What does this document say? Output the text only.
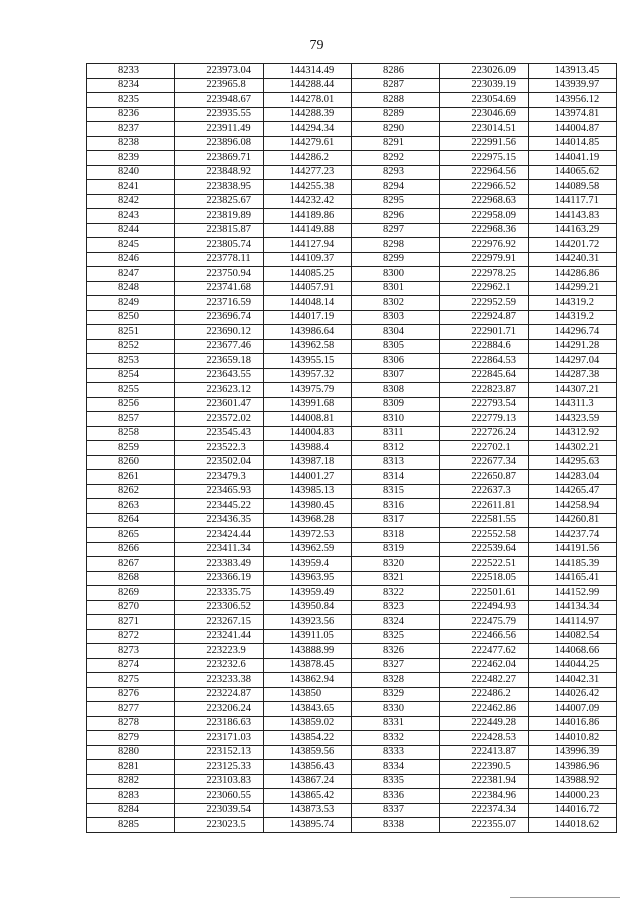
79
8233	223973.04	144314.49	8286	223026.09	143913.45
8234	223965.8	144288.44	8287	223039.19	143939.97
8235	223948.67	144278.01	8288	223054.69	143956.12
8236	223935.55	144288.39	8289	223046.69	143974.81
8237	223911.49	144294.34	8290	223014.51	144004.87
8238	223896.08	144279.61	8291	222991.56	144014.85
8239	223869.71	144286.2	8292	222975.15	144041.19
8240	223848.92	144277.23	8293	222964.56	144065.62
8241	223838.95	144255.38	8294	222966.52	144089.58
8242	223825.67	144232.42	8295	222968.63	144117.71
8243	223819.89	144189.86	8296	222958.09	144143.83
8244	223815.87	144149.88	8297	222968.36	144163.29
8245	223805.74	144127.94	8298	222976.92	144201.72
8246	223778.11	144109.37	8299	222979.91	144240.31
8247	223750.94	144085.25	8300	222978.25	144286.86
8248	223741.68	144057.91	8301	222962.1	144299.21
8249	223716.59	144048.14	8302	222952.59	144319.2
8250	223696.74	144017.19	8303	222924.87	144319.2
8251	223690.12	143986.64	8304	222901.71	144296.74
8252	223677.46	143962.58	8305	222884.6	144291.28
8253	223659.18	143955.15	8306	222864.53	144297.04
8254	223643.55	143957.32	8307	222845.64	144287.38
8255	223623.12	143975.79	8308	222823.87	144307.21
8256	223601.47	143991.68	8309	222793.54	144311.3
8257	223572.02	144008.81	8310	222779.13	144323.59
8258	223545.43	144004.83	8311	222726.24	144312.92
8259	223522.3	143988.4	8312	222702.1	144302.21
8260	223502.04	143987.18	8313	222677.34	144295.63
8261	223479.3	144001.27	8314	222650.87	144283.04
8262	223465.93	143985.13	8315	222637.3	144265.47
8263	223445.22	143980.45	8316	222611.81	144258.94
8264	223436.35	143968.28	8317	222581.55	144260.81
8265	223424.44	143972.53	8318	222552.58	144237.74
8266	223411.34	143962.59	8319	222539.64	144191.56
8267	223383.49	143959.4	8320	222522.51	144185.39
8268	223366.19	143963.95	8321	222518.05	144165.41
8269	223335.75	143959.49	8322	222501.61	144152.99
8270	223306.52	143950.84	8323	222494.93	144134.34
8271	223267.15	143923.56	8324	222475.79	144114.97
8272	223241.44	143911.05	8325	222466.56	144082.54
8273	223223.9	143888.99	8326	222477.62	144068.66
8274	223232.6	143878.45	8327	222462.04	144044.25
8275	223233.38	143862.94	8328	222482.27	144042.31
8276	223224.87	143850	8329	222486.2	144026.42
8277	223206.24	143843.65	8330	222462.86	144007.09
8278	223186.63	143859.02	8331	222449.28	144016.86
8279	223171.03	143854.22	8332	222428.53	144010.82
8280	223152.13	143859.56	8333	222413.87	143996.39
8281	223125.33	143856.43	8334	222390.5	143986.96
8282	223103.83	143867.24	8335	222381.94	143988.92
8283	223060.55	143865.42	8336	222384.96	144000.23
8284	223039.54	143873.53	8337	222374.34	144016.72
8285	223023.5	143895.74	8338	222355.07	144018.62
